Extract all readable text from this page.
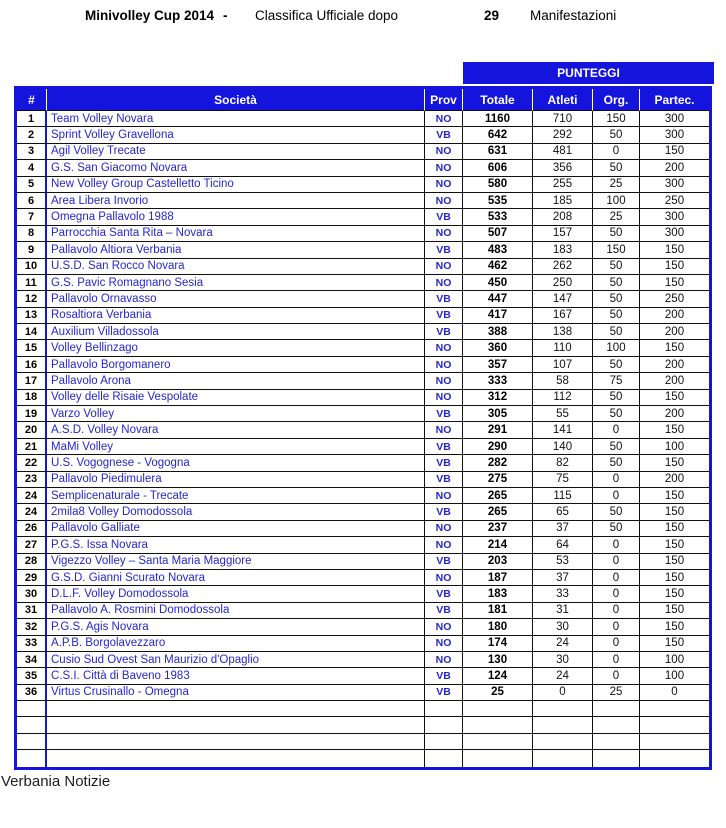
Minivolley Cup 2014 - Classifica Ufficiale dopo	29 Manifestazioni
PUNTEGGI
#	Società	Prov	Totale	Atleti	Org.	Partec.
1	Team Volley Novara	NO	1160	710	150	300
2	Sprint Volley Gravellona	VB	642	292	50	300
3	Agil Volley Trecate	NO	631	481	0	150
4	G.S. San Giacomo Novara	NO	606	356	50	200
5	New Volley Group Castelletto Ticino	NO	580	255	25	300
6	Area Libera Invorio	NO	535	185	100	250
7	Omegna Pallavolo 1988	VB	533	208	25	300
8	Parrocchia Santa Rita – Novara	NO	507	157	50	300
9	Pallavolo Altiora Verbania	VB	483	183	150	150
10	U.S.D. San Rocco Novara	NO	462	262	50	150
11	G.S. Pavic Romagnano Sesia	NO	450	250	50	150
12	Pallavolo Ornavasso	VB	447	147	50	250
13	Rosaltiora Verbania	VB	417	167	50	200
14	Auxilium Villadossola	VB	388	138	50	200
15	Volley Bellinzago	NO	360	110	100	150
16	Pallavolo Borgomanero	NO	357	107	50	200
17	Pallavolo Arona	NO	333	58	75	200
18	Volley delle Risaie Vespolate	NO	312	112	50	150
19	Varzo Volley	VB	305	55	50	200
20	A.S.D. Volley Novara	NO	291	141	0	150
21	MaMi Volley	VB	290	140	50	100
22	U.S. Vogognese - Vogogna	VB	282	82	50	150
23	Pallavolo Piedimulera	VB	275	75	0	200
24	Semplicenaturale - Trecate	NO	265	115	0	150
24	2mila8 Volley Domodossola	VB	265	65	50	150
26	Pallavolo Galliate	NO	237	37	50	150
27	P.G.S. Issa Novara	NO	214	64	0	150
28	Vigezzo Volley – Santa Maria Maggiore	VB	203	53	0	150
29	G.S.D. Gianni Scurato Novara	NO	187	37	0	150
30	D.L.F. Volley Domodossola	VB	183	33	0	150
31	Pallavolo A. Rosmini Domodossola	VB	181	31	0	150
32	P.G.S. Agis Novara	NO	180	30	0	150
33	A.P.B. Borgolavezzaro	NO	174	24	0	150
34	Cusio Sud Ovest San Maurizio d'Opaglio	NO	130	30	0	100
35	C.S.I. Città di Baveno 1983	VB	124	24	0	100
36	Virtus Crusinallo - Omegna	VB	25	0	25	0

Verbania Notizie
